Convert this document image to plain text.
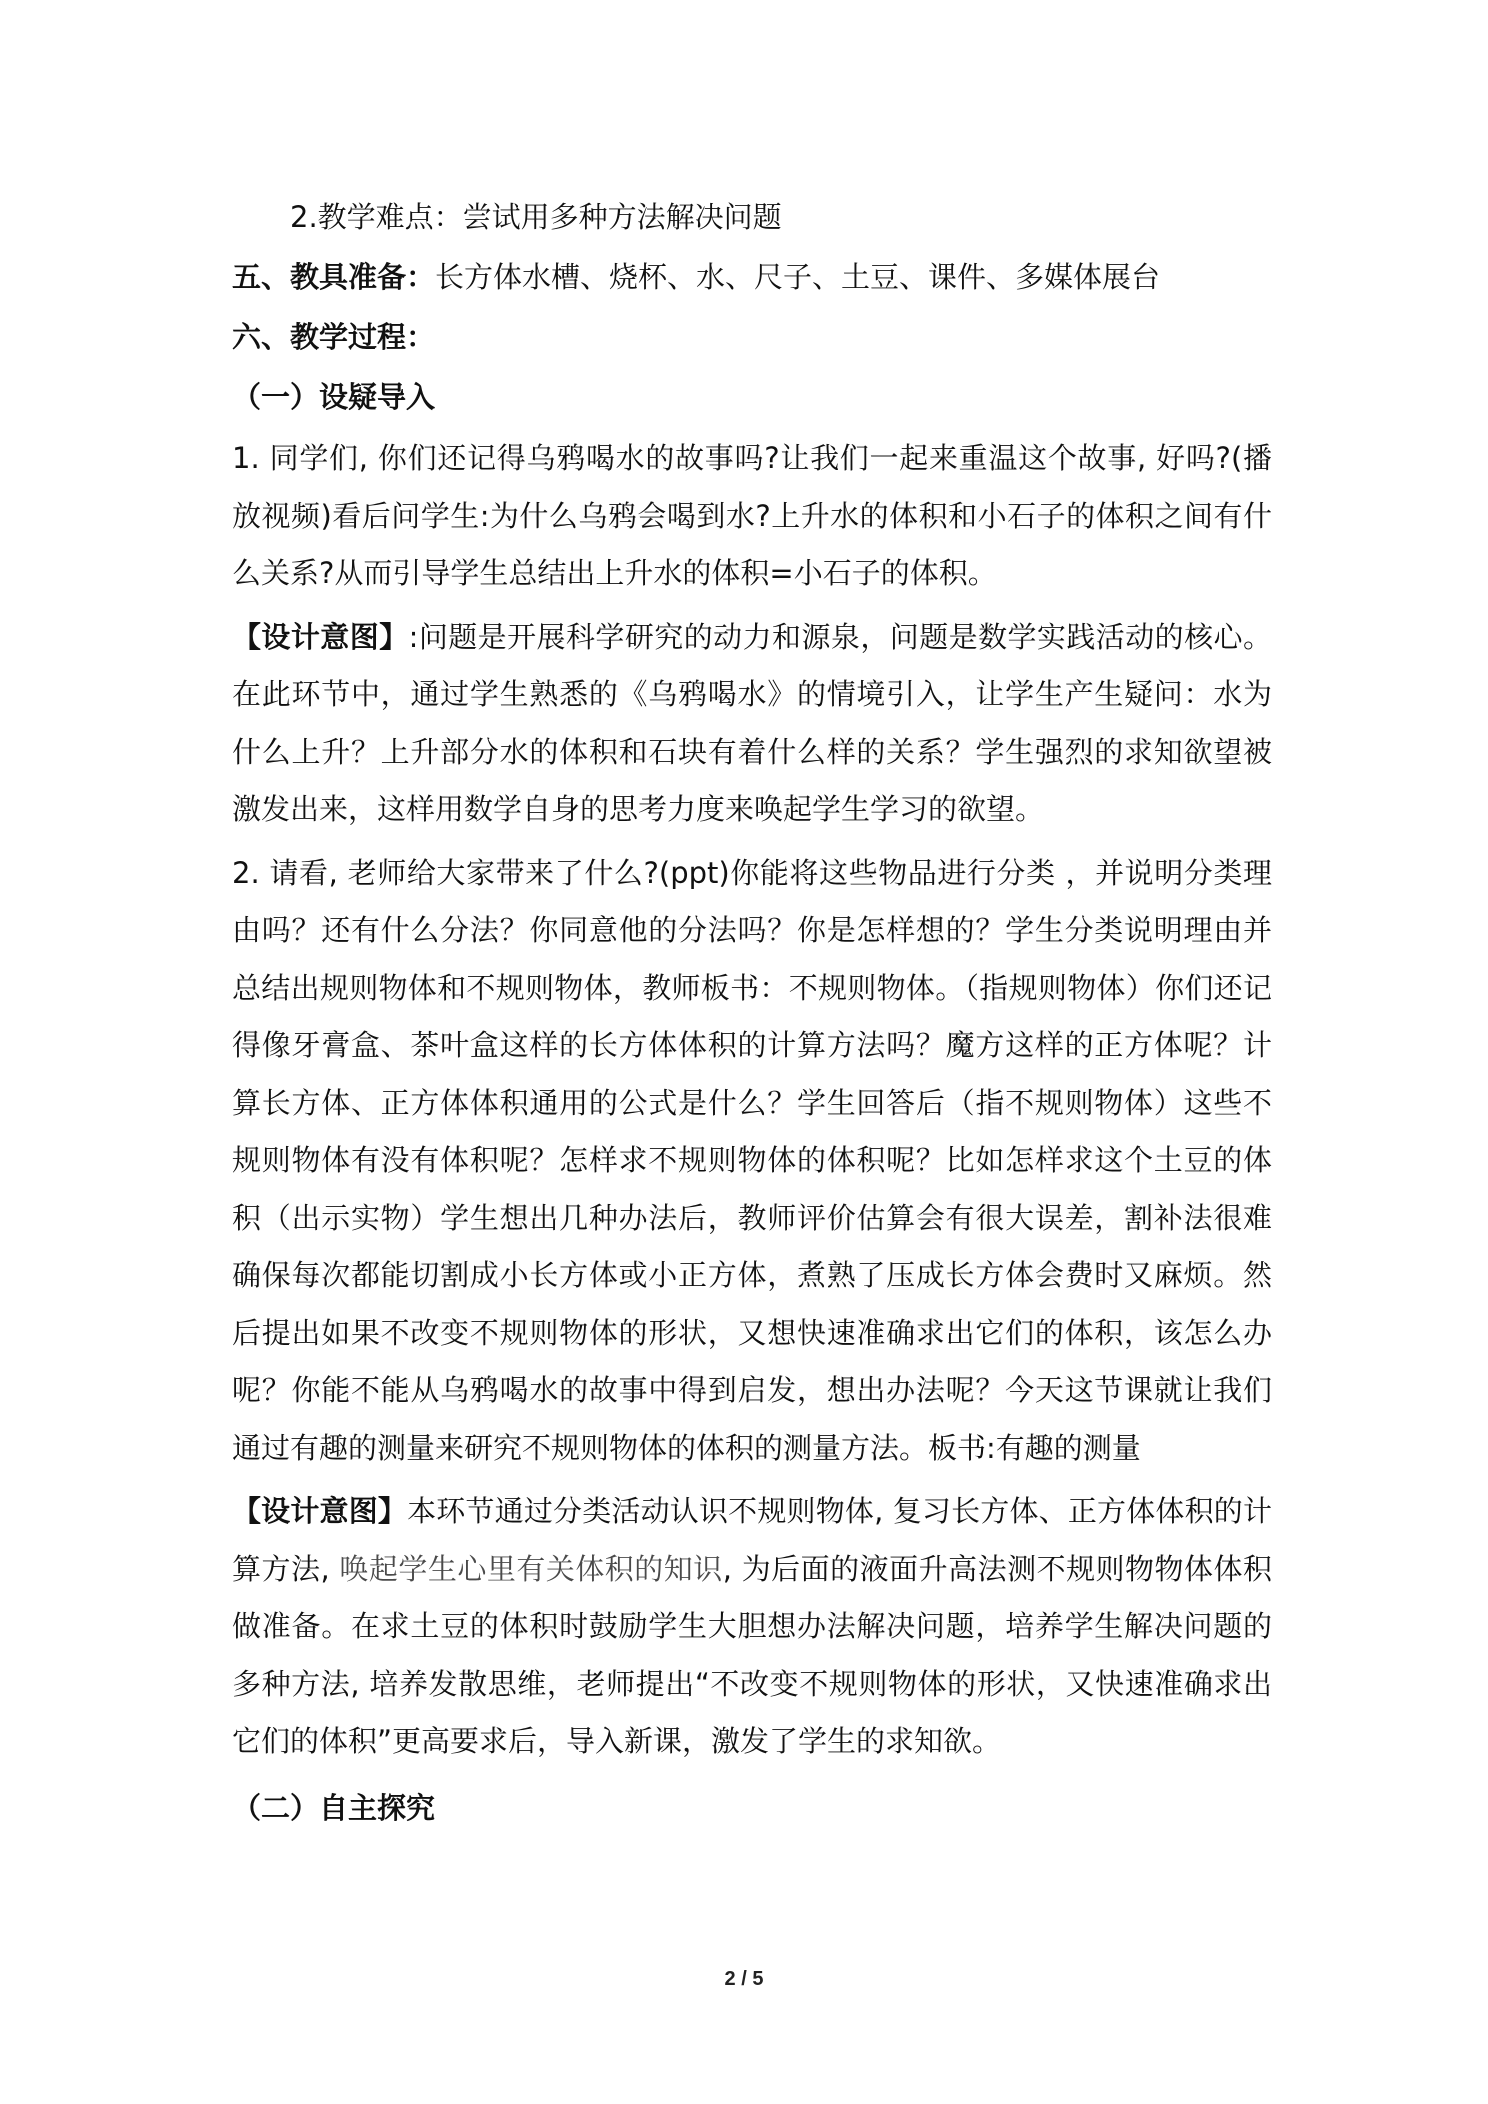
2.教学难点：尝试用多种方法解决问题

五、教具准备：长方体水槽、烧杯、水、尺子、土豆、课件、多媒体展台

六、教学过程：

（一）设疑导入

1. 同学们, 你们还记得乌鸦喝水的故事吗?让我们一起来重温这个故事, 好吗?(播放视频)看后问学生:为什么乌鸦会喝到水?上升水的体积和小石子的体积之间有什么关系?从而引导学生总结出上升水的体积=小石子的体积。

【设计意图】:问题是开展科学研究的动力和源泉，问题是数学实践活动的核心。在此环节中，通过学生熟悉的《乌鸦喝水》的情境引入，让学生产生疑问：水为什么上升？上升部分水的体积和石块有着什么样的关系？学生强烈的求知欲望被激发出来，这样用数学自身的思考力度来唤起学生学习的欲望。

2. 请看, 老师给大家带来了什么?(ppt)你能将这些物品进行分类 ，并说明分类理由吗？还有什么分法？你同意他的分法吗？你是怎样想的？学生分类说明理由并总结出规则物体和不规则物体，教师板书：不规则物体。（指规则物体）你们还记得像牙膏盒、茶叶盒这样的长方体体积的计算方法吗？魔方这样的正方体呢？计算长方体、正方体体积通用的公式是什么？学生回答后（指不规则物体）这些不规则物体有没有体积呢？怎样求不规则物体的体积呢？比如怎样求这个土豆的体积（出示实物）学生想出几种办法后，教师评价估算会有很大误差，割补法很难确保每次都能切割成小长方体或小正方体，煮熟了压成长方体会费时又麻烦。然后提出如果不改变不规则物体的形状，又想快速准确求出它们的体积，该怎么办呢？你能不能从乌鸦喝水的故事中得到启发，想出办法呢？今天这节课就让我们通过有趣的测量来研究不规则物体的体积的测量方法。板书:有趣的测量

【设计意图】本环节通过分类活动认识不规则物体, 复习长方体、正方体体积的计算方法, 唤起学生心里有关体积的知识, 为后面的液面升高法测不规则物物体体积做准备。在求土豆的体积时鼓励学生大胆想办法解决问题，培养学生解决问题的多种方法, 培养发散思维，老师提出“不改变不规则物体的形状，又快速准确求出它们的体积”更高要求后，导入新课，激发了学生的求知欲。

（二）自主探究

2 / 5
